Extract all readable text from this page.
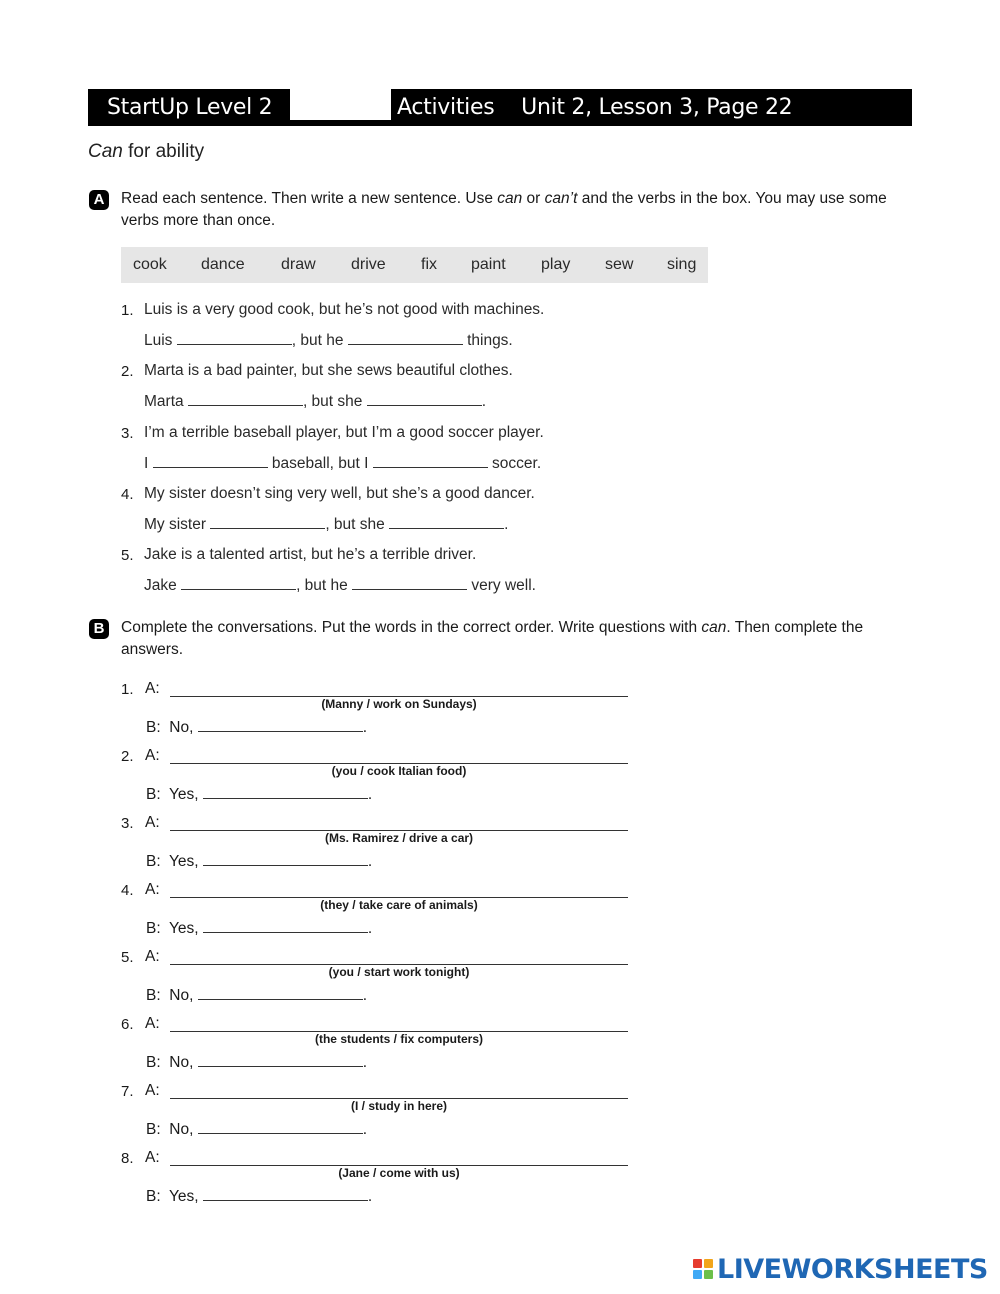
StartUp Level 2	Activities    Unit 2, Lesson 3, Page 22
Can for ability
A Read each sentence. Then write a new sentence. Use can or can’t and the verbs in the box. You may use some verbs more than once.
cook	dance	draw	drive	fix	paint	play	sew	sing
1. Luis is a very good cook, but he’s not good with machines.
Luis	, but he	things.
2. Marta is a bad painter, but she sews beautiful clothes.
Marta	, but she	.
3. I’m a terrible baseball player, but I’m a good soccer player.
I	baseball, but I	soccer.
4. My sister doesn’t sing very well, but she’s a good dancer.
My sister	, but she	.
5. Jake is a talented artist, but he’s a terrible driver.
Jake	, but he	very well.
B Complete the conversations. Put the words in the correct order. Write questions with can. Then complete the answers.
1. A:
(Manny / work on Sundays)
B: No,	.
2. A:
(you / cook Italian food)
B: Yes,	.
3. A:
(Ms. Ramirez / drive a car)
B: Yes,	.
4. A:
(they / take care of animals)
B: Yes,	.
5. A:
(you / start work tonight)
B: No,	.
6. A:
(the students / fix computers)
B: No,	.
7. A:
(I / study in here)
B: No,	.
8. A:
(Jane / come with us)
B: Yes,	.
LIVEWORKSHEETS
